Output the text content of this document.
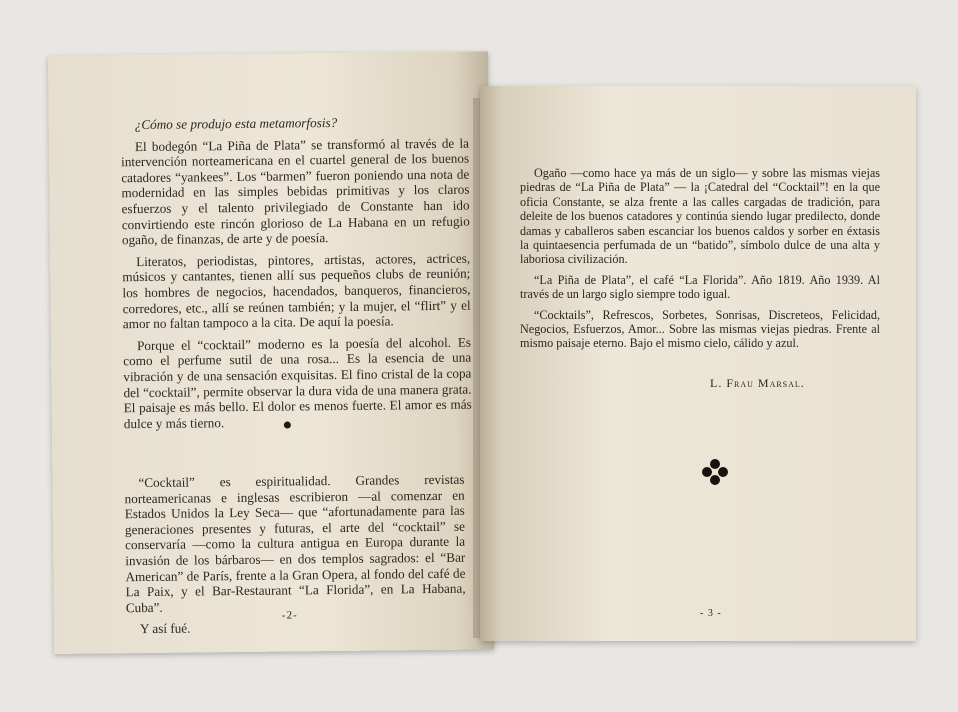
¿Cómo se produjo esta metamorfosis?

El bodegón “La Piña de Plata” se transformó al través de la intervención norteamericana en el cuartel general de los buenos catadores “yankees”. Los “barmen” fueron poniendo una nota de modernidad en las simples bebidas primitivas y los claros esfuerzos y el talento privilegiado de Constante han ido convirtiendo este rincón glorioso de La Habana en un refugio ogaño, de finanzas, de arte y de poesía.

Literatos, periodistas, pintores, artistas, actores, actrices, músicos y cantantes, tienen allí sus pequeños clubs de reunión; los hombres de negocios, hacendados, banqueros, financieros, corredores, etc., allí se reúnen también; y la mujer, el “flirt” y el amor no faltan tampoco a la cita. De aquí la poesía.

Porque el “cocktail” moderno es la poesía del alcohol. Es como el perfume sutil de una rosa... Es la esencia de una vibración y de una sensación exquisitas. El fino cristal de la copa del “cocktail”, permite observar la dura vida de una manera grata. El paisaje es más bello. El dolor es menos fuerte. El amor es más dulce y más tierno.

“Cocktail” es espiritualidad. Grandes revistas norteamericanas e inglesas escribieron —al comenzar en Estados Unidos la Ley Seca— que “afortunadamente para las generaciones presentes y futuras, el arte del “cocktail” se conservaría —como la cultura antigua en Europa durante la invasión de los bárbaros— en dos templos sagrados: el “Bar American” de París, frente a la Gran Opera, al fondo del café de La Paix, y el Bar-Restaurant “La Florida”, en La Habana, Cuba”.

Y así fué.
-2-

Ogaño —como hace ya más de un siglo— y sobre las mismas viejas piedras de “La Piña de Plata” — la ¡Catedral del “Cocktail”! en la que oficia Constante, se alza frente a las calles cargadas de tradición, para deleite de los buenos catadores y continúa siendo lugar predilecto, donde damas y caballeros saben escanciar los buenos caldos y sorber en éxtasis la quintaesencia perfumada de un “batido”, símbolo dulce de una alta y laboriosa civilización.

“La Piña de Plata”, el café “La Florida”. Año 1819. Año 1939. Al través de un largo siglo siempre todo igual.

“Cocktails”, Refrescos, Sorbetes, Sonrisas, Discreteos, Felicidad, Negocios, Esfuerzos, Amor... Sobre las mismas viejas piedras. Frente al mismo paisaje eterno. Bajo el mismo cielo, cálido y azul.

L. Frau Marsal.
- 3 -
